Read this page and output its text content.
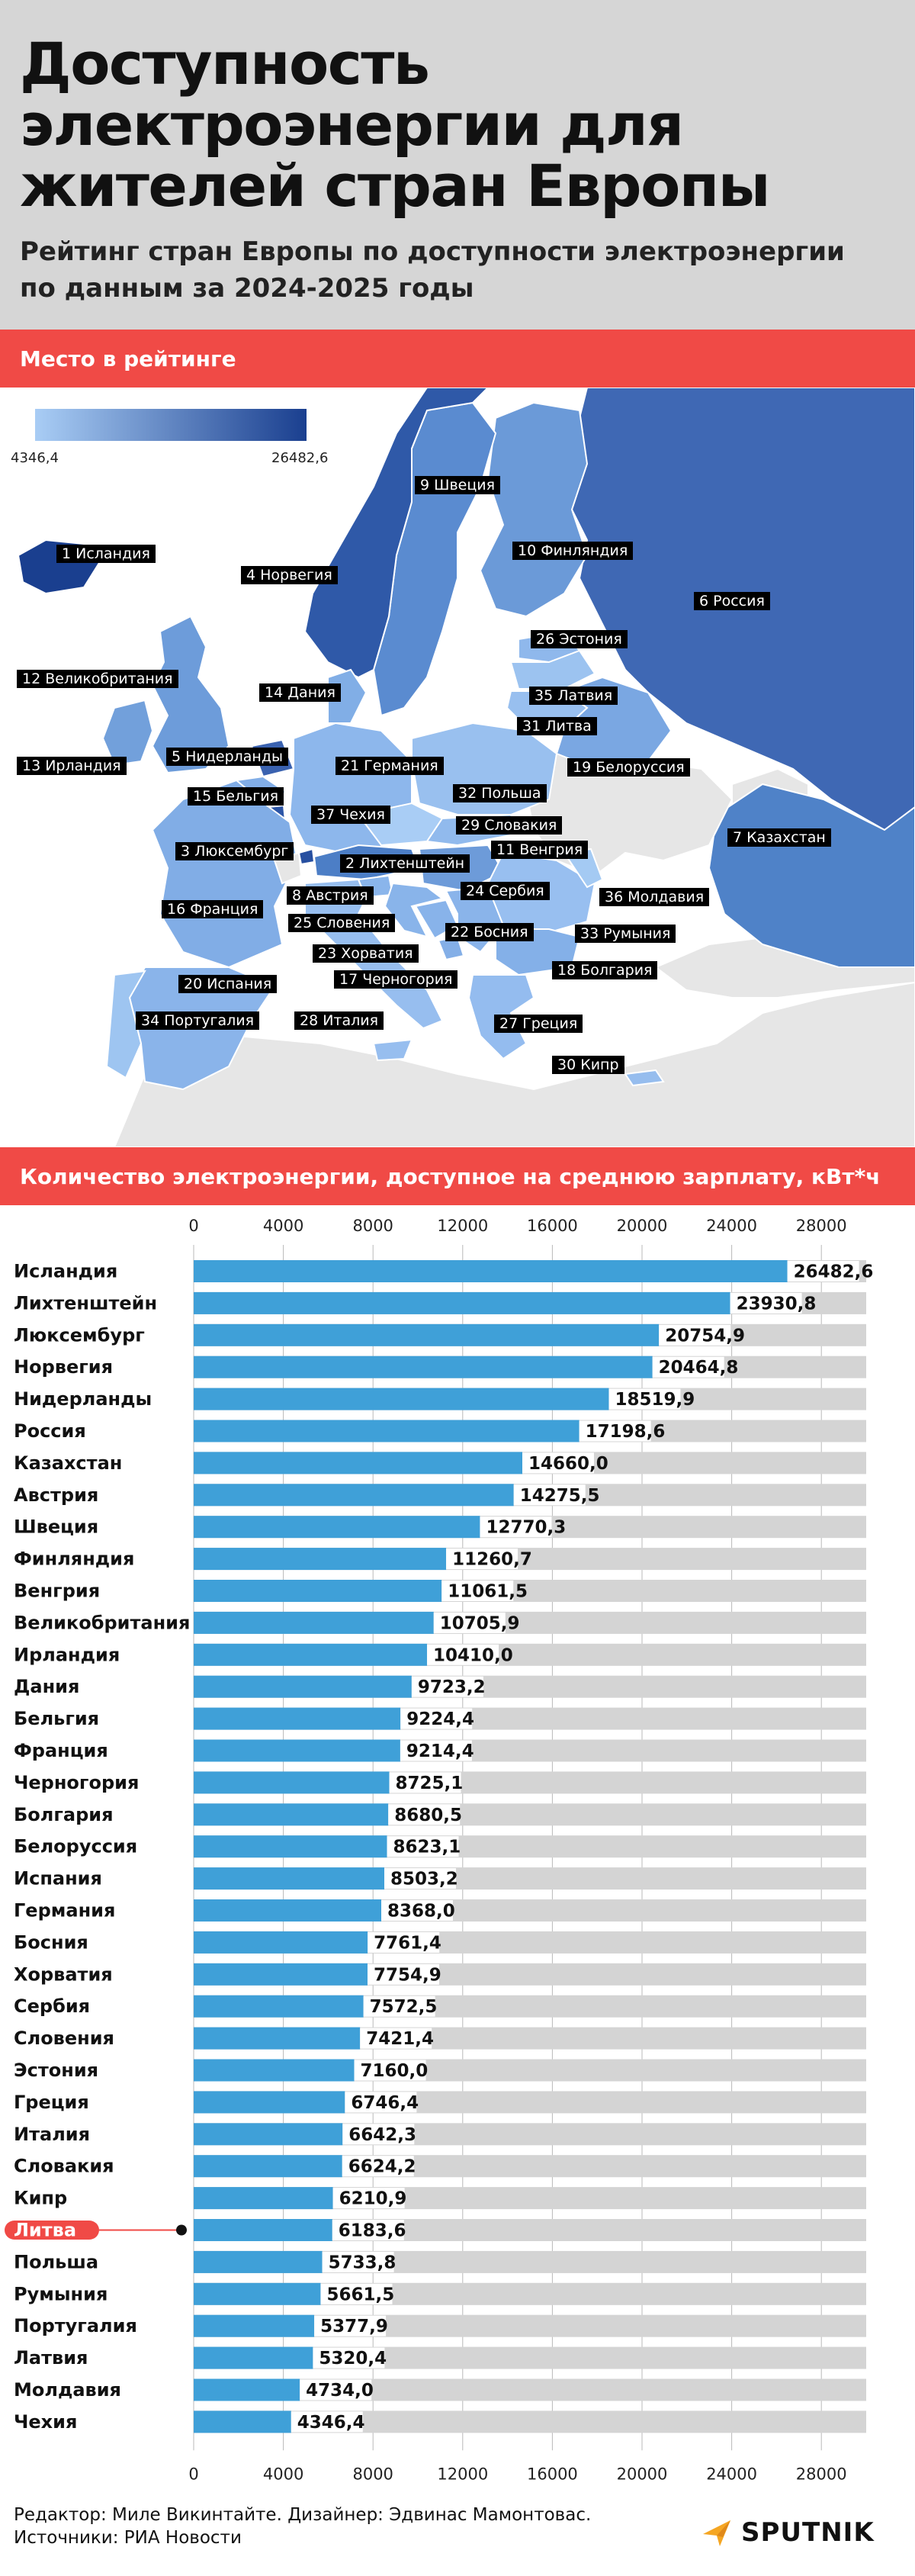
Доступность электроэнергии для жителей стран Европы
Рейтинг стран Европы по доступности электроэнергии по данным за 2024-2025 годы
Место в рейтинге
4346,4	26482,6
1 Исландия
4 Норвегия
9 Швеция
10 Финляндия
6 Россия
26 Эстония
35 Латвия
31 Литва
19 Белоруссия
12 Великобритания
14 Дания
13 Ирландия
5 Нидерланды
21 Германия
32 Польша
15 Бельгия
37 Чехия
29 Словакия
7 Казахстан
3 Люксембург
2 Лихтенштейн
11 Венгрия
8 Австрия	24 Сербия	36 Молдавия
16 Франция
25 Словения
22 Босния	33 Румыния
23 Хорватия
18 Болгария
20 Испания	17 Черногория
34 Португалия	28 Италия	27 Греция
30 Кипр
Количество электроэнергии, доступное на среднюю зарплату, кВт*ч
0
0
4000
4000
8000
8000
12000
12000
16000
16000
20000
20000
24000
24000
28000
28000
26482,6
Исландия
23930,8
Лихтенштейн
20754,9
Люксембург
20464,8
Норвегия
18519,9
Нидерланды
17198,6
Россия
14660,0
Казахстан
14275,5
Австрия
12770,3
Швеция
11260,7
Финляндия
11061,5
Венгрия
10705,9
Великобритания
10410,0
Ирландия
9723,2
Дания
9224,4
Бельгия
9214,4
Франция
8725,1
Черногория
8680,5
Болгария
8623,1
Белоруссия
8503,2
Испания
8368,0
Германия
7761,4
Босния
7754,9
Хорватия
7572,5
Сербия
7421,4
Словения
7160,0
Эстония
6746,4
Греция
6642,3
Италия
6624,2
Словакия
6210,9
Кипр
6183,6
Литва
5733,8
Польша
5661,5
Румыния
5377,9
Португалия
5320,4
Латвия
4734,0
Молдавия
4346,4
Чехия
Редактор: Миле Викинтайте. Дизайнер: Эдвинас Мамонтовас.
Источники: РИА Новости	SPUTNIK
